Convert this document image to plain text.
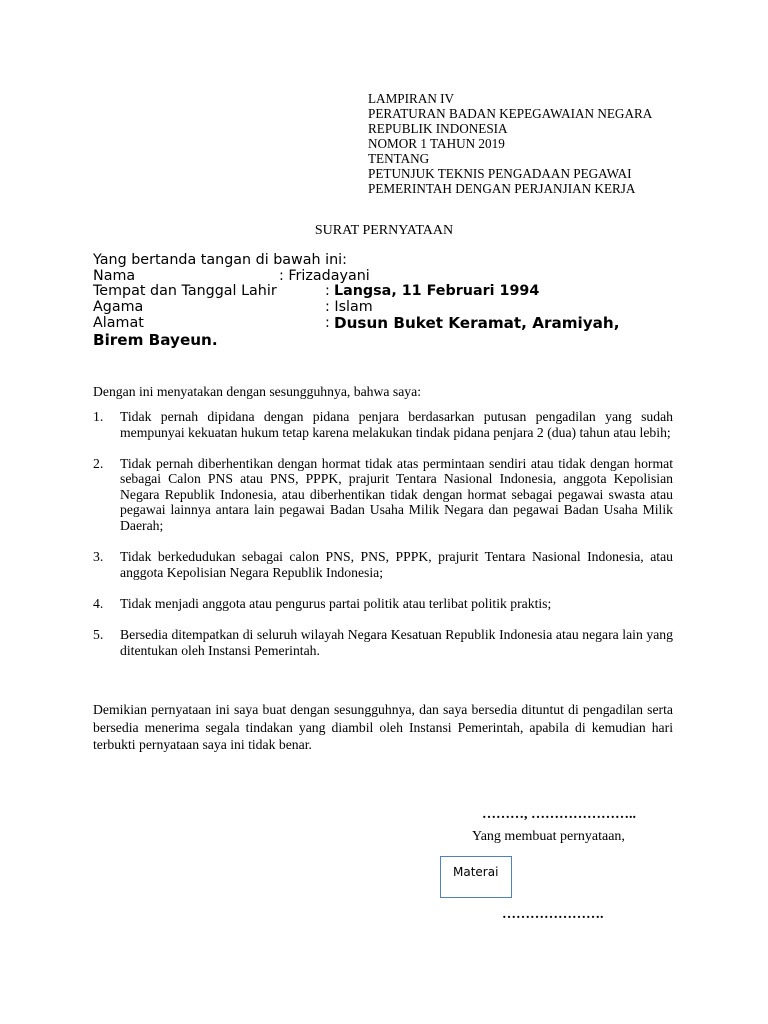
LAMPIRAN IV
PERATURAN BADAN KEPEGAWAIAN NEGARA
REPUBLIK INDONESIA
NOMOR 1 TAHUN 2019
TENTANG
PETUNJUK TEKNIS PENGADAAN PEGAWAI
PEMERINTAH DENGAN PERJANJIAN KERJA
SURAT PERNYATAAN
Yang bertanda tangan di bawah ini:
Nama	: Frizadayani
Tempat dan Tanggal Lahir	: Langsa, 11 Februari 1994
Agama	: Islam
Alamat	: Dusun Buket Keramat, Aramiyah,
Birem Bayeun.
Dengan ini menyatakan dengan sesungguhnya, bahwa saya:
1.	Tidak pernah dipidana dengan pidana penjara berdasarkan putusan pengadilan yang sudah mempunyai kekuatan hukum tetap karena melakukan tindak pidana penjara 2 (dua) tahun atau lebih;
2.	Tidak pernah diberhentikan dengan hormat tidak atas permintaan sendiri atau tidak dengan hormat sebagai Calon PNS atau PNS, PPPK, prajurit Tentara Nasional Indonesia, anggota Kepolisian Negara Republik Indonesia, atau diberhentikan tidak dengan hormat sebagai pegawai swasta atau pegawai lainnya antara lain pegawai Badan Usaha Milik Negara dan pegawai Badan Usaha Milik Daerah;
3.	Tidak berkedudukan sebagai calon PNS, PNS, PPPK, prajurit Tentara Nasional Indonesia, atau anggota Kepolisian Negara Republik Indonesia;
4.	Tidak menjadi anggota atau pengurus partai politik atau terlibat politik praktis;
5.	Bersedia ditempatkan di seluruh wilayah Negara Kesatuan Republik Indonesia atau negara lain yang ditentukan oleh Instansi Pemerintah.
Demikian pernyataan ini saya buat dengan sesungguhnya, dan saya bersedia dituntut di pengadilan serta bersedia menerima segala tindakan yang diambil oleh Instansi Pemerintah, apabila di kemudian hari terbukti pernyataan saya ini tidak benar.
………, …………………..
Yang membuat pernyataan,
Materai
………………….
